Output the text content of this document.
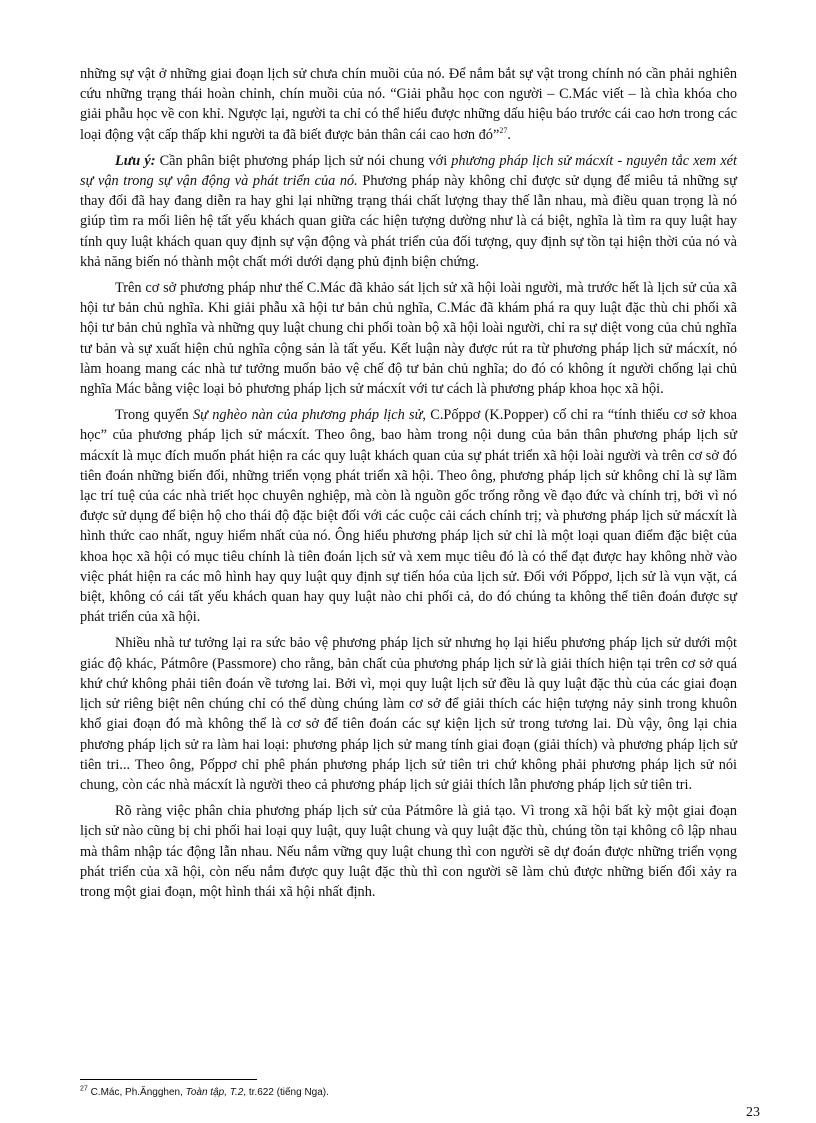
những sự vật ở những giai đoạn lịch sử chưa chín muồi của nó. Để nắm bắt sự vật trong chính nó cần phải nghiên cứu những trạng thái hoàn chỉnh, chín muồi của nó. “Giải phẫu học con người – C.Mác viết – là chìa khóa cho giải phẫu học về con khỉ. Ngược lại, người ta chỉ có thể hiểu được những dấu hiệu báo trước cái cao hơn trong các loại động vật cấp thấp khi người ta đã biết được bản thân cái cao hơn đó”$^{27}$.

Lưu ý: Cần phân biệt phương pháp lịch sử nói chung với phương pháp lịch sử mácxít - nguyên tắc xem xét sự vận trong sự vận động và phát triển của nó. Phương pháp này không chỉ được sử dụng để miêu tả những sự thay đổi đã hay đang diễn ra hay ghi lại những trạng thái chất lượng thay thế lẫn nhau, mà điều quan trọng là nó giúp tìm ra mối liên hệ tất yếu khách quan giữa các hiện tượng dường như là cá biệt, nghĩa là tìm ra quy luật hay tính quy luật khách quan quy định sự vận động và phát triển của đối tượng, quy định sự tồn tại hiện thời của nó và khả năng biến nó thành một chất mới dưới dạng phủ định biện chứng.

Trên cơ sở phương pháp như thế C.Mác đã khảo sát lịch sử xã hội loài người, mà trước hết là lịch sử của xã hội tư bản chủ nghĩa. Khi giải phẫu xã hội tư bản chủ nghĩa, C.Mác đã khám phá ra quy luật đặc thù chi phối xã hội tư bản chủ nghĩa và những quy luật chung chi phối toàn bộ xã hội loài người, chỉ ra sự diệt vong của chủ nghĩa tư bản và sự xuất hiện chủ nghĩa cộng sản là tất yếu. Kết luận này được rút ra từ phương pháp lịch sử mácxít, nó làm hoang mang các nhà tư tưởng muốn bảo vệ chế độ tư bản chủ nghĩa; do đó có không ít người chống lại chủ nghĩa Mác bằng việc loại bỏ phương pháp lịch sử mácxít với tư cách là phương pháp khoa học xã hội.

Trong quyển Sự nghèo nàn của phương pháp lịch sử, C.Pốppơ (K.Popper) cố chỉ ra “tính thiếu cơ sở khoa học” của phương pháp lịch sử mácxít. Theo ông, bao hàm trong nội dung của bản thân phương pháp lịch sử mácxít là mục đích muốn phát hiện ra các quy luật khách quan của sự phát triển xã hội loài người và trên cơ sở đó tiên đoán những biến đổi, những triển vọng phát triển xã hội. Theo ông, phương pháp lịch sử không chỉ là sự lầm lạc trí tuệ của các nhà triết học chuyên nghiệp, mà còn là nguồn gốc trống rỗng về đạo đức và chính trị, bởi vì nó được sử dụng để biện hộ cho thái độ đặc biệt đối với các cuộc cải cách chính trị; và phương pháp lịch sử mácxít là hình thức cao nhất, nguy hiểm nhất của nó. Ông hiểu phương pháp lịch sử chỉ là một loại quan điểm đặc biệt của khoa học xã hội có mục tiêu chính là tiên đoán lịch sử và xem mục tiêu đó là có thể đạt được hay không nhờ vào việc phát hiện ra các mô hình hay quy luật quy định sự tiến hóa của lịch sử. Đối với Pốppơ, lịch sử là vụn vặt, cá biệt, không có cái tất yếu khách quan hay quy luật nào chi phối cả, do đó chúng ta không thể tiên đoán được sự phát triển của xã hội.

Nhiều nhà tư tưởng lại ra sức bảo vệ phương pháp lịch sử nhưng họ lại hiểu phương pháp lịch sử dưới một giác độ khác, Pátmôre (Passmore) cho rằng, bản chất của phương pháp lịch sử là giải thích hiện tại trên cơ sở quá khứ chứ không phải tiên đoán về tương lai. Bởi vì, mọi quy luật lịch sử đều là quy luật đặc thù của các giai đoạn lịch sử riêng biệt nên chúng chỉ có thể dùng chúng làm cơ sở để giải thích các hiện tượng nảy sinh trong khuôn khổ giai đoạn đó mà không thể là cơ sở để tiên đoán các sự kiện lịch sử trong tương lai. Dù vậy, ông lại chia phương pháp lịch sử ra làm hai loại: phương pháp lịch sử mang tính giai đoạn (giải thích) và phương pháp lịch sử tiên tri... Theo ông, Pốppơ chỉ phê phán phương pháp lịch sử tiên tri chứ không phải phương pháp lịch sử nói chung, còn các nhà mácxít là người theo cả phương pháp lịch sử giải thích lẫn phương pháp lịch sử tiên tri.

Rõ ràng việc phân chia phương pháp lịch sử của Pátmôre là giả tạo. Vì trong xã hội bất kỳ một giai đoạn lịch sử nào cũng bị chi phối hai loại quy luật, quy luật chung và quy luật đặc thù, chúng tồn tại không cô lập nhau mà thâm nhập tác động lẫn nhau. Nếu nắm vững quy luật chung thì con người sẽ dự đoán được những triển vọng phát triển của xã hội, còn nếu nắm được quy luật đặc thù thì con người sẽ làm chủ được những biến đổi xảy ra trong một giai đoạn, một hình thái xã hội nhất định.

$^{27}$ C.Mác, Ph.Ăngghen, Toàn tập, T.2, tr.622 (tiếng Nga).
23
